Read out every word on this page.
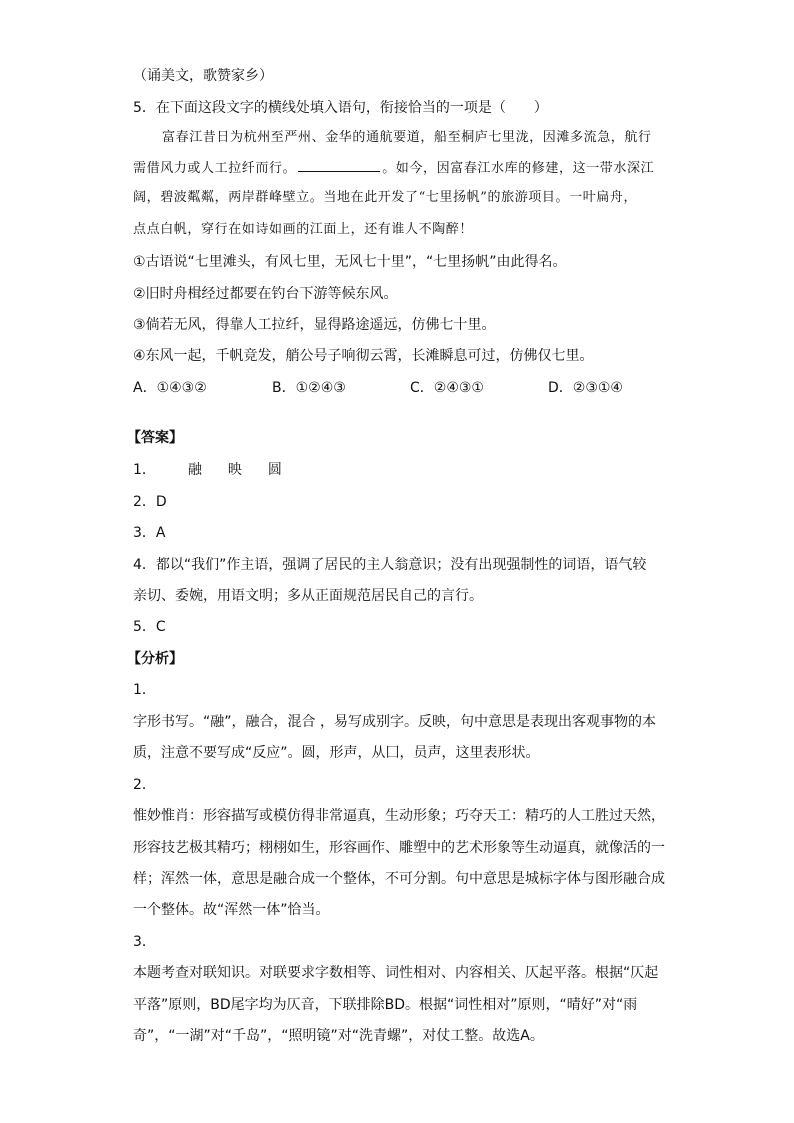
（诵美文，歌赞家乡）
5．在下面这段文字的横线处填入语句，衔接恰当的一项是（　　）
富春江昔日为杭州至严州、金华的通航要道，船至桐庐七里泷，因滩多流急，航行
需借风力或人工拉纤而行。	。如今，因富春江水库的修建，这一带水深江
阔，碧波粼粼，两岸群峰壁立。当地在此开发了“七里扬帆”的旅游项目。一叶扁舟，
点点白帆，穿行在如诗如画的江面上，还有谁人不陶醉！
①古语说“七里滩头，有风七里，无风七十里”，“七里扬帆”由此得名。
②旧时舟楫经过都要在钓台下游等候东风。
③倘若无风，得靠人工拉纤，显得路途遥远，仿佛七十里。
④东风一起，千帆竞发，艄公号子响彻云霄，长滩瞬息可过，仿佛仅七里。
A．①④③②	B．①②④③	C．②④③①	D．②③①④
【答案】
1． 融 映 圆
2．D
3．A
4．都以“我们”作主语，强调了居民的主人翁意识；没有出现强制性的词语，语气较
亲切、委婉，用语文明；多从正面规范居民自己的言行。
5．C
【分析】
1．
字形书写。“融”，融合，混合 ，易写成别字。反映，句中意思是表现出客观事物的本
质，注意不要写成“反应”。圆，形声，从囗，员声，这里表形状。
2．
惟妙惟肖：形容描写或模仿得非常逼真，生动形象；巧夺天工：精巧的人工胜过天然，
形容技艺极其精巧；栩栩如生，形容画作、雕塑中的艺术形象等生动逼真，就像活的一
样；浑然一体，意思是融合成一个整体，不可分割。句中意思是城标字体与图形融合成
一个整体。故“浑然一体”恰当。
3．
本题考查对联知识。对联要求字数相等、词性相对、内容相关、仄起平落。根据“仄起
平落”原则，BD尾字均为仄音，下联排除BD。根据“词性相对”原则，“晴好”对“雨
奇”，“一湖”对“千岛”，“照明镜”对“洗青螺”，对仗工整。故选A。
